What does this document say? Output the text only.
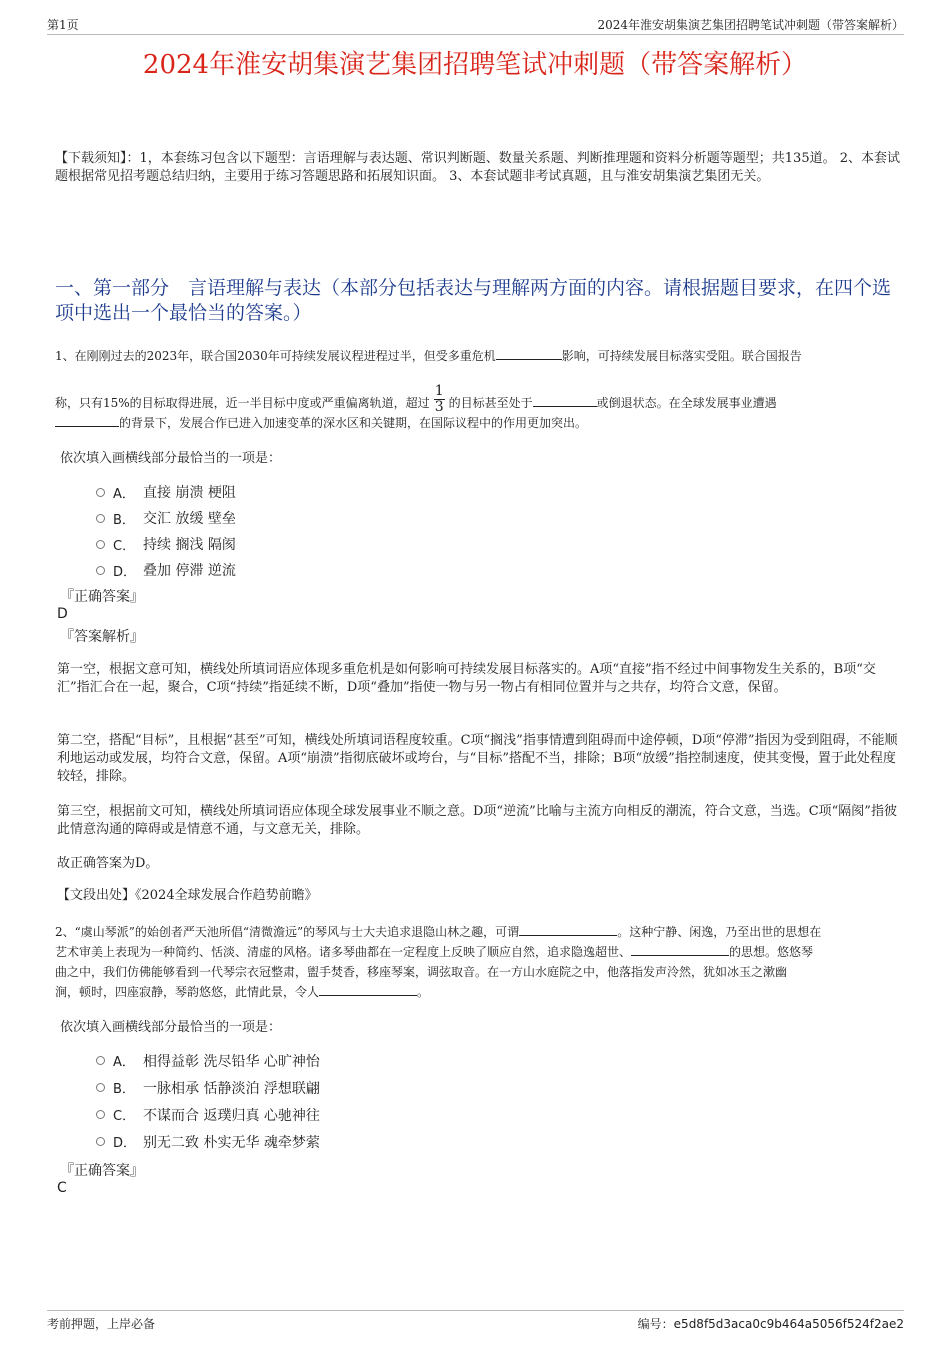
第1页	2024年淮安胡集演艺集团招聘笔试冲刺题（带答案解析）
2024年淮安胡集演艺集团招聘笔试冲刺题（带答案解析）
【下载须知】：1，本套练习包含以下题型：言语理解与表达题、常识判断题、数量关系题、判断推理题和资料分析题等题型；共135道。 2、本套试题根据常见招考题总结归纳，主要用于练习答题思路和拓展知识面。 3、本套试题非考试真题，且与淮安胡集演艺集团无关。
一、第一部分　言语理解与表达（本部分包括表达与理解两方面的内容。请根据题目要求，在四个选项中选出一个最恰当的答案。）
1、在刚刚过去的2023年，联合国2030年可持续发展议程进程过半，但受多重危机	影响，可持续发展目标落实受阻。联合国报告
称，只有15%的目标取得进展，近一半目标中度或严重偏离轨道，超过 $\frac{1}{3}$ 的目标甚至处于	或倒退状态。在全球发展事业遭遇
的背景下，发展合作已进入加速变革的深水区和关键期，在国际议程中的作用更加突出。
依次填入画横线部分最恰当的一项是：
A． 直接 崩溃 梗阻
B． 交汇 放缓 壁垒
C． 持续 搁浅 隔阂
D． 叠加 停滞 逆流
『正确答案』
D
『答案解析』
第一空，根据文意可知，横线处所填词语应体现多重危机是如何影响可持续发展目标落实的。A项“直接”指不经过中间事物发生关系的，B项“交汇”指汇合在一起，聚合，C项“持续”指延续不断，D项“叠加”指使一物与另一物占有相同位置并与之共存，均符合文意，保留。
第二空，搭配“目标”，且根据“甚至”可知，横线处所填词语程度较重。C项“搁浅”指事情遭到阻碍而中途停顿，D项“停滞”指因为受到阻碍，不能顺利地运动或发展，均符合文意，保留。A项“崩溃”指彻底破坏或垮台，与“目标”搭配不当，排除；B项“放缓”指控制速度，使其变慢，置于此处程度较轻，排除。
第三空，根据前文可知，横线处所填词语应体现全球发展事业不顺之意。D项“逆流”比喻与主流方向相反的潮流，符合文意，当选。C项“隔阂”指彼此情意沟通的障碍或是情意不通，与文意无关，排除。
故正确答案为D。
【文段出处】《2024全球发展合作趋势前瞻》
2、“虞山琴派”的始创者严天池所倡“清微澹远”的琴风与士大夫追求退隐山林之趣，可谓	。这种宁静、闲逸，乃至出世的思想在
艺术审美上表现为一种简约、恬淡、清虚的风格。诸多琴曲都在一定程度上反映了顺应自然，追求隐逸超世、	的思想。悠悠琴
曲之中，我们仿佛能够看到一代琴宗衣冠整肃，盥手焚香，移座琴案，调弦取音。在一方山水庭院之中，他落指发声泠然，犹如冰玉之漱幽
涧，顿时，四座寂静，琴韵悠悠，此情此景，令人	。
依次填入画横线部分最恰当的一项是：
A． 相得益彰 洗尽铅华 心旷神怡
B． 一脉相承 恬静淡泊 浮想联翩
C． 不谋而合 返璞归真 心驰神往
D． 别无二致 朴实无华 魂牵梦萦
『正确答案』
C
考前押题，上岸必备	编号：e5d8f5d3aca0c9b464a5056f524f2ae2
